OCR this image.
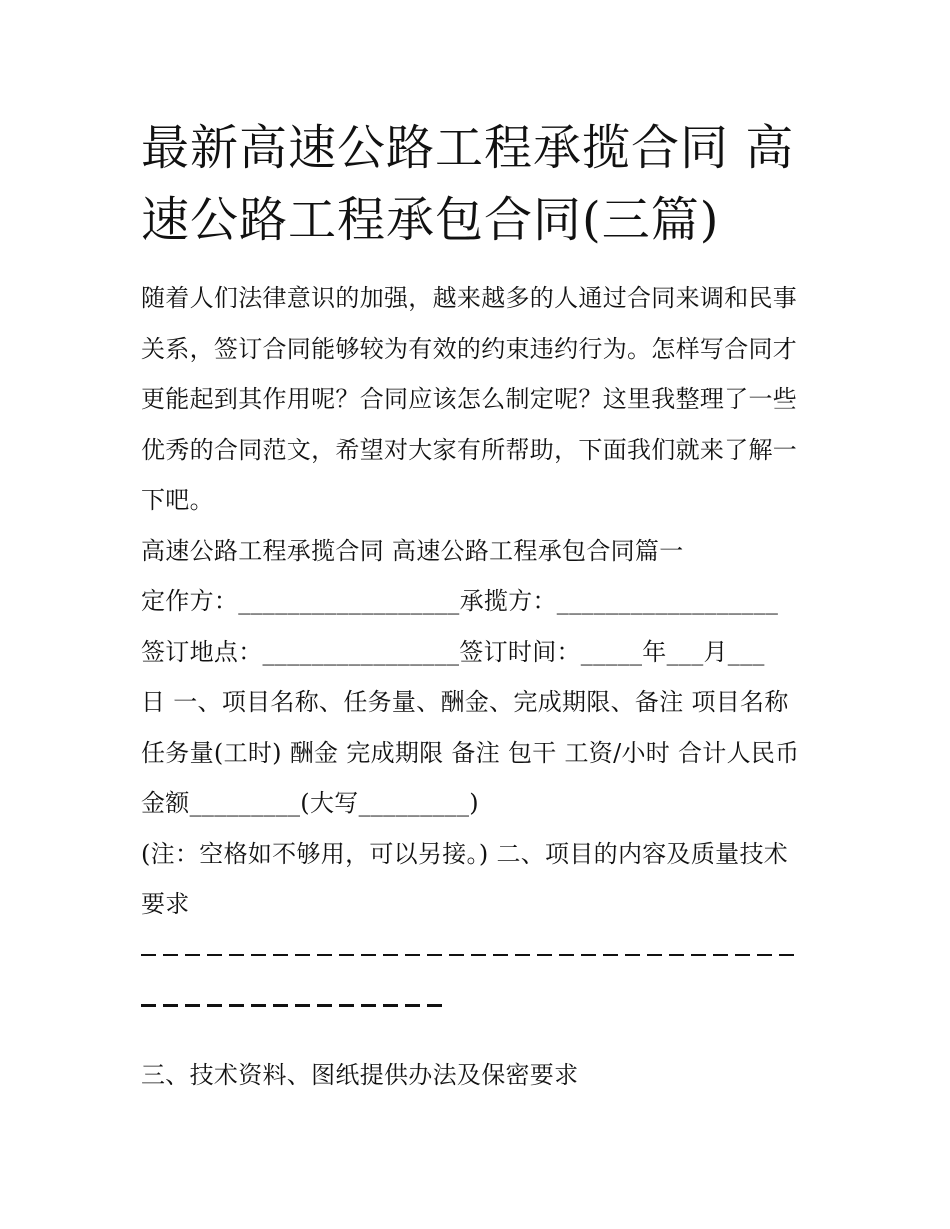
最新高速公路工程承揽合同 高
速公路工程承包合同(三篇)

随着人们法律意识的加强，越来越多的人通过合同来调和民事关系，签订合同能够较为有效的约束违约行为。怎样写合同才更能起到其作用呢？合同应该怎么制定呢？这里我整理了一些优秀的合同范文，希望对大家有所帮助，下面我们就来了解一下吧。

高速公路工程承揽合同 高速公路工程承包合同篇一

定作方：__________________承揽方：__________________

签订地点：________________签订时间：_____年___月___

日 一、项目名称、任务量、酬金、完成期限、备注 项目名称

任务量(工时) 酬金 完成期限 备注 包干 工资/小时 合计人民币

金额_________(大写_________)

(注：空格如不够用，可以另接。) 二、项目的内容及质量技术

要求

三、技术资料、图纸提供办法及保密要求
